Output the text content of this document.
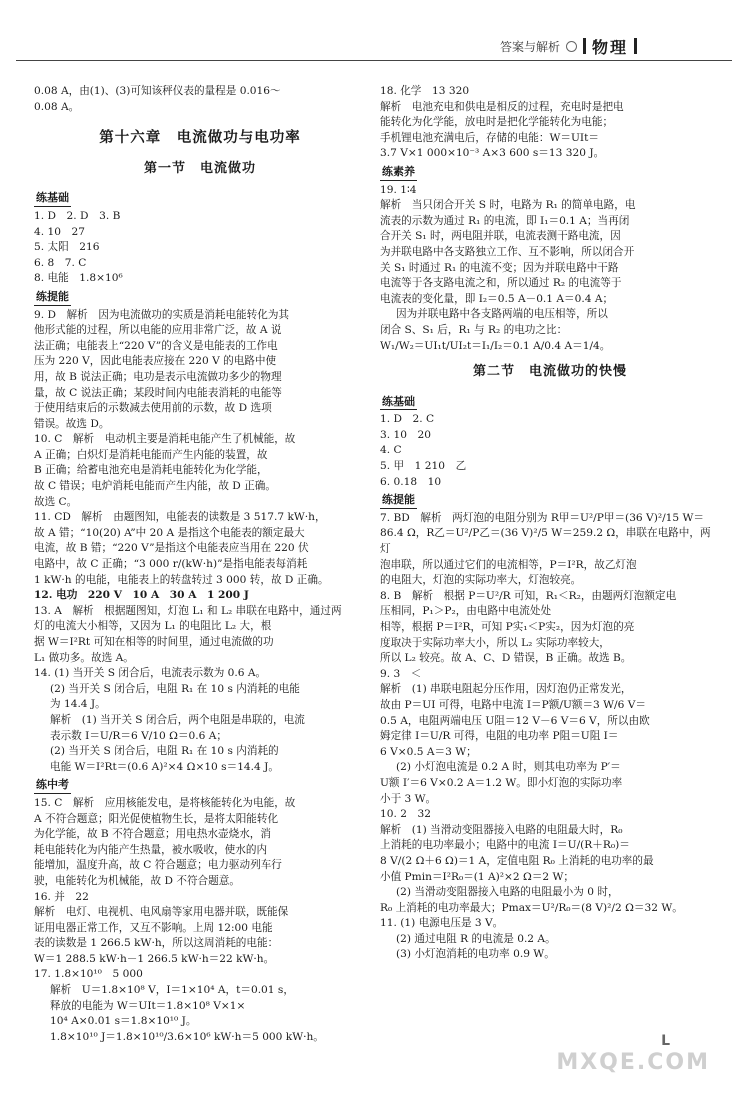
答案与解析 物理

0.08 A，由(1)、(3)可知该秤仪表的量程是 0.016～

0.08 A。

第十六章　电流做功与电功率
第一节　电流做功
练基础

1. D　2. D　3. B

4. 10　27

5. 太阳　216

6. 8　7. C

8. 电能　1.8×10⁶

练提能

9. D　解析　因为电流做功的实质是消耗电能转化为其

他形式能的过程，所以电能的应用非常广泛，故 A 说

法正确；电能表上“220 V”的含义是电能表的工作电

压为 220 V，因此电能表应接在 220 V 的电路中使

用，故 B 说法正确；电功是表示电流做功多少的物理

量，故 C 说法正确；某段时间内电能表消耗的电能等

于使用结束后的示数减去使用前的示数，故 D 选项

错误。故选 D。

10. C　解析　电动机主要是消耗电能产生了机械能，故

A 正确；白炽灯是消耗电能而产生内能的装置，故

B 正确；给蓄电池充电是消耗电能转化为化学能，

故 C 错误；电炉消耗电能而产生内能，故 D 正确。

故选 C。

11. CD　解析　由题图知，电能表的读数是 3 517.7 kW·h，

故 A 错；“10(20) A”中 20 A 是指这个电能表的额定最大

电流，故 B 错；“220 V”是指这个电能表应当用在 220 伏

电路中，故 C 正确；“3 000 r/(kW·h)”是指电能表每消耗

1 kW·h 的电能，电能表上的转盘转过 3 000 转，故 D 正确。

12. 电功　220 V　10 A　30 A　1 200 J

13. A　解析　根据题图知，灯泡 L₁ 和 L₂ 串联在电路中，通过两

灯的电流大小相等，又因为 L₁ 的电阻比 L₂ 大，根

据 W＝I²Rt 可知在相等的时间里，通过电流做的功

L₁ 做功多。故选 A。

14. (1) 当开关 S 闭合后，电流表示数为 0.6 A。

(2) 当开关 S 闭合后，电阻 R₁ 在 10 s 内消耗的电能

为 14.4 J。

解析　(1) 当开关 S 闭合后，两个电阻是串联的，电流

表示数 I＝U/R＝6 V/10 Ω＝0.6 A；

(2) 当开关 S 闭合后，电阻 R₁ 在 10 s 内消耗的

电能 W＝I²Rt＝(0.6 A)²×4 Ω×10 s＝14.4 J。

练中考

15. C　解析　应用核能发电，是将核能转化为电能，故

A 不符合题意；阳光促使植物生长，是将太阳能转化

为化学能，故 B 不符合题意；用电热水壶烧水，消

耗电能转化为内能产生热量，被水吸收，使水的内

能增加，温度升高，故 C 符合题意；电力驱动列车行

驶，电能转化为机械能，故 D 不符合题意。

16. 并　22

解析　电灯、电视机、电风扇等家用电器并联，既能保

证用电器正常工作，又互不影响。上周 12:00 电能

表的读数是 1 266.5 kW·h，所以这周消耗的电能：

W＝1 288.5 kW·h－1 266.5 kW·h＝22 kW·h。

17. 1.8×10¹⁰　5 000

解析　U＝1.8×10⁸ V，I＝1×10⁴ A，t＝0.01 s，

释放的电能为 W＝UIt＝1.8×10⁸ V×1×

10⁴ A×0.01 s＝1.8×10¹⁰ J。

1.8×10¹⁰ J＝1.8×10¹⁰/3.6×10⁶ kW·h＝5 000 kW·h。

18. 化学　13 320

解析　电池充电和供电是相反的过程，充电时是把电

能转化为化学能，放电时是把化学能转化为电能；

手机锂电池充满电后，存储的电能：W＝UIt＝

3.7 V×1 000×10⁻³ A×3 600 s＝13 320 J。

练素养

19. 1∶4

解析　当只闭合开关 S 时，电路为 R₁ 的简单电路，电

流表的示数为通过 R₁ 的电流，即 I₁＝0.1 A；当再闭

合开关 S₁ 时，两电阻并联，电流表测干路电流，因

为并联电路中各支路独立工作、互不影响，所以闭合开

关 S₁ 时通过 R₁ 的电流不变；因为并联电路中干路

电流等于各支路电流之和，所以通过 R₂ 的电流等于

电流表的变化量，即 I₂＝0.5 A－0.1 A＝0.4 A；

因为并联电路中各支路两端的电压相等，所以

闭合 S、S₁ 后，R₁ 与 R₂ 的电功之比：

W₁/W₂＝UI₁t/UI₂t＝I₁/I₂＝0.1 A/0.4 A＝1/4。

第二节　电流做功的快慢
练基础

1. D　2. C

3. 10　20

4. C

5. 甲　1 210　乙

6. 0.18　10

练提能

7. BD　解析　两灯泡的电阻分别为 R甲＝U²/P甲＝(36 V)²/15 W＝

86.4 Ω，R乙＝U²/P乙＝(36 V)²/5 W＝259.2 Ω，串联在电路中，两灯

泡串联，所以通过它们的电流相等，P＝I²R，故乙灯泡

的电阻大，灯泡的实际功率大，灯泡较亮。

8. B　解析　根据 P＝U²/R 可知，R₁＜R₂，由题两灯泡额定电

压相同，P₁＞P₂，由电路中电流处处

相等，根据 P＝I²R，可知 P实₁＜P实₂，因为灯泡的亮

度取决于实际功率大小，所以 L₂ 实际功率较大，

所以 L₂ 较亮。故 A、C、D 错误，B 正确。故选 B。

9. 3　＜

解析　(1) 串联电阻起分压作用，因灯泡仍正常发光，

故由 P＝UI 可得，电路中电流 I＝P额/U额＝3 W/6 V＝

0.5 A，电阻两端电压 U阻＝12 V－6 V＝6 V，所以由欧

姆定律 I＝U/R 可得，电阻的电功率 P阻＝U阻 I＝

6 V×0.5 A＝3 W；

(2) 小灯泡电流是 0.2 A 时，则其电功率为 P′＝

U额 I′＝6 V×0.2 A＝1.2 W。即小灯泡的实际功率

小于 3 W。

10. 2　32

解析　(1) 当滑动变阻器接入电路的电阻最大时，R₀

上消耗的电功率最小；电路中的电流 I＝U/(R＋R₀)＝

8 V/(2 Ω＋6 Ω)＝1 A，定值电阻 R₀ 上消耗的电功率的最

小值 Pmin＝I²R₀＝(1 A)²×2 Ω＝2 W；

(2) 当滑动变阻器接入电路的电阻最小为 0 时，

R₀ 上消耗的电功率最大；Pmax＝U²/R₀＝(8 V)²/2 Ω＝32 W。

11. (1) 电源电压是 3 V。

(2) 通过电阻 R 的电流是 0.2 A。

(3) 小灯泡消耗的电功率 0.9 W。

L
MXQE.COM
